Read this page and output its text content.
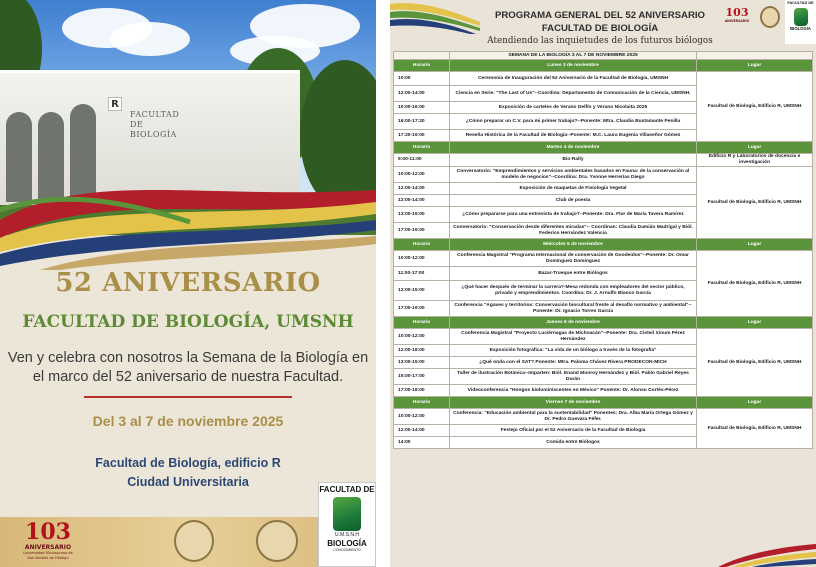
R
FACULTAD DE BIOLOGÍA
52 ANIVERSARIO
FACULTAD DE BIOLOGÍA, UMSNH
Ven y celebra con nosotros la Semana de la Biología en el marco del 52 aniversario de nuestra Facultad.
Del 3 al 7 de noviembre 2025
Facultad de Biología, edificio R
Ciudad Universitaria
103
ANIVERSARIO
Universidad Michoacana de San Nicolás de Hidalgo
FACULTAD DE
U.M.S.N.H
BIOLOGÍA
CONOCIMIENTO
PROGRAMA GENERAL DEL 52 ANIVERSARIO
FACULTAD DE BIOLOGÍA
Atendiendo las inquietudes de los futuros biólogos
103
ANIVERSARIO
FACULTAD DE
BIOLOGÍA
	SEMANA DE LA BIOLOGÍA 3 AL 7 DE NOVIEMBRE 2025	
Horario	Lunes 3 de noviembre	Lugar
10:00	Ceremonia de Inauguración del 52 Aniversario de la Facultad de Biología, UMSNH	Facultad de Biología, Edificio R, UMSNH
12:00-14:00	Ciencia en Serie: "The Last of Us"--Coordina: Departamento de Comunicación de la Ciencia, UMSNH.	
10:00-16:00	Exposición de carteles de Verano Delfín y Verano Nicolaita 2025	
16:00-17:20	¿Cómo preparar un C.V. para mi primer trabajo?--Ponente: Mtra. Claudia Bustamante Penilla	
17:20-19:00	Reseña Histórica de la Facultad de Biología--Ponente: M.C. Laura Eugenia Villaseñor Gómez	
Horario	Martes 4 de noviembre	Lugar
9:00-11:00	Bio-Rally	Edificio R y Laboratorios de docencia e investigación
10:00-12:00	Conversatorio: "Emprendimientos y servicios ambientales basados en Fauna: de la conservación al modelo de negocios"--Coordina: Dra. Yvonne Herrerías Diego	Facultad de Biología, Edificio R, UMSNH
12:00-14:00	Exposición de maquetas de Fisiología Vegetal	
12:00-14:00	Club de poesía	
13:00-15:00	¿Cómo prepararse para una entrevista de trabajo?--Ponente: Dra. Flor de María Tavera Ramírez	
17:00-19:00	Conversatorio: "Conservación desde diferentes miradas"-- Coordinan: Claudia Damián Madrigal y Biól. Federico Hernández Valencia	
Horario	Miércoles 5 de noviembre	Lugar
10:00-12:00	Conferencia Magistral "Programa Internacional de conservación de Goodeidos"--Ponente: Dr. Omar Domínguez Domínguez	Facultad de Biología, Edificio R, UMSNH
11:00-17:00	Bazar-Trueque entre Biólogos	
12:00-15:00	¿Qué hacer después de terminar la carrera?-Mesa redonda con empleadores del sector público, privado y emprendimientos. Coordina: Dr. J. Arnulfo Blanco García	
17:00-19:00	Conferencia "Agaves y territorios: Conservación biocultural frente al desafío normativo y ambiental"--Ponente: Dr. Ignacio Torres García	
Horario	Jueves 6 de noviembre	Lugar
10:00-12:00	Conferencia Magistral "Proyecto Luciérnagas de Michoacán"--Ponente: Dra. Cisteil Xinum Pérez Hernández	Facultad de Biología, Edificio R, UMSNH
12:00-18:00	Exposición fotográfica: "La vida de un biólogo a través de la fotografía"	
13:00-15:00	¿Qué onda con el SAT? Ponente: Mtra. Paloma Chávez Rivera PRODECON-MICH	
15:00-17:00	Taller de ilustración Botánica--Imparten: Biól. Enand Monroy Hernández y Biól. Pablo Gabriel Reyes Durán	
17:00-18:00	Videoconferencia "Hongos bioluminiscentes en México" Ponente: Dr. Alonso Cortés-Pérez	
Horario	Viernes 7 de noviembre	Lugar
10:00-12:00	Conferencia: "Educación ambiental para la sustentabilidad" Ponentes: Dra. Alba María Ortega Gómez y Dr. Pedro Guevara Féfer.	Facultad de Biología, Edificio R, UMSNH
12:00-14:00	Festejo Oficial por el 52 Aniversario de la Facultad de Biología	
14:00	Comida entre Biólogos	
